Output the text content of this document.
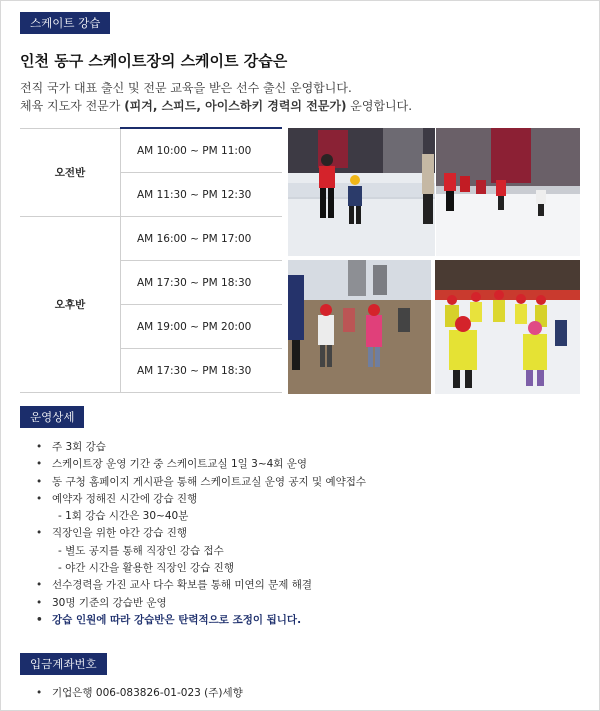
스케이트 강습
인천 동구 스케이트장의 스케이트 강습은
전직 국가 대표 출신 및 전문 교육을 받은 선수 출신 운영합니다.
체육 지도자 전문가 (피겨, 스피드, 아이스하키 경력의 전문가) 운영합니다.
오전반	AM 10:00 ~ PM 11:00
	AM 11:30 ~ PM 12:30
오후반	AM 16:00 ~ PM 17:00
	AM 17:30 ~ PM 18:30
	AM 19:00 ~ PM 20:00
	AM 17:30 ~ PM 18:30
운영상세
• 주 3회 강습
• 스케이트장 운영 기간 중 스케이트교실 1일 3~4회 운영
• 동 구청 홈페이지 게시판을 통해 스케이트교실 운영 공지 및 예약접수
• 예약자 정해진 시간에 강습 진행
- 1회 강습 시간은 30~40분
• 직장인을 위한 야간 강습 진행
- 별도 공지를 통해 직장인 강습 접수
- 야간 시간을 활용한 직장인 강습 진행
• 선수경력을 가진 교사 다수 확보를 통해 미연의 문제 해결
• 30명 기준의 강습반 운영
• 강습 인원에 따라 강습반은 탄력적으로 조정이 됩니다.
입금계좌번호
• 기업은행 006-083826-01-023 (주)세향
